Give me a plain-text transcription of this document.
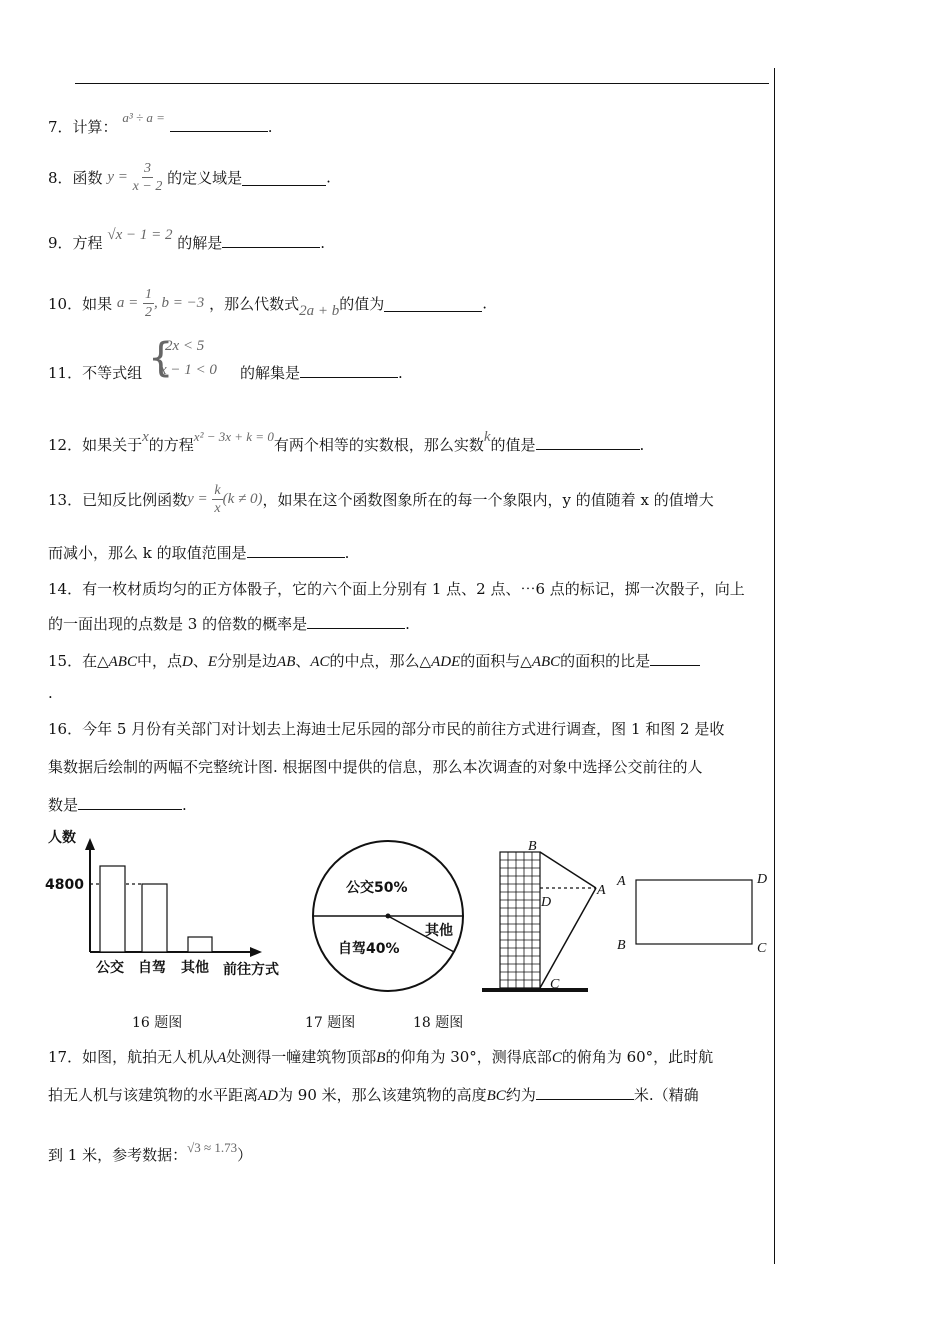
7．计算： a³ ÷ a = .
8．函数 $y = \frac{3}{x - 2}$ 的定义域是	.
9．方程 √x − 1 = 2 的解是	.
10．如果 $a = \frac{1}{2}$ , b = −3 ，那么代数式2a + b的值为	.
11．不等式组 {
2x < 5
x − 1 < 0 的解集是	.
12．如果关于x的方程x² − 3x + k = 0有两个相等的实数根，那么实数k的值是	.
13．已知反比例函数$y = \frac{k}{x} (k \ne 0)$，如果在这个函数图象所在的每一个象限内，y 的值随着 x 的值增大
而减小，那么 k 的取值范围是	.
14．有一枚材质均匀的正方体骰子，它的六个面上分别有 1 点、2 点、⋯6 点的标记，掷一次骰子，向上
的一面出现的点数是 3 的倍数的概率是	.
15．在△ABC中，点D、E分别是边AB、AC的中点，那么△ADE的面积与△ABC的面积的比是
.
16．今年 5 月份有关部门对计划去上海迪士尼乐园的部分市民的前往方式进行调查，图 1 和图 2 是收
集数据后绘制的两幅不完整统计图. 根据图中提供的信息，那么本次调查的对象中选择公交前往的人
数是	.
人数
4800
公交 自驾 其他 前往方式
公交50%
自驾40%
其他
B
D
A
C
A	D
B	C
16 题图	17 题图	18 题图
17．如图，航拍无人机从A处测得一幢建筑物顶部B的仰角为 30°，测得底部C的俯角为 60°，此时航
拍无人机与该建筑物的水平距离AD为 90 米，那么该建筑物的高度BC约为	米.（精确
到 1 米，参考数据：√3 ≈ 1.73）
